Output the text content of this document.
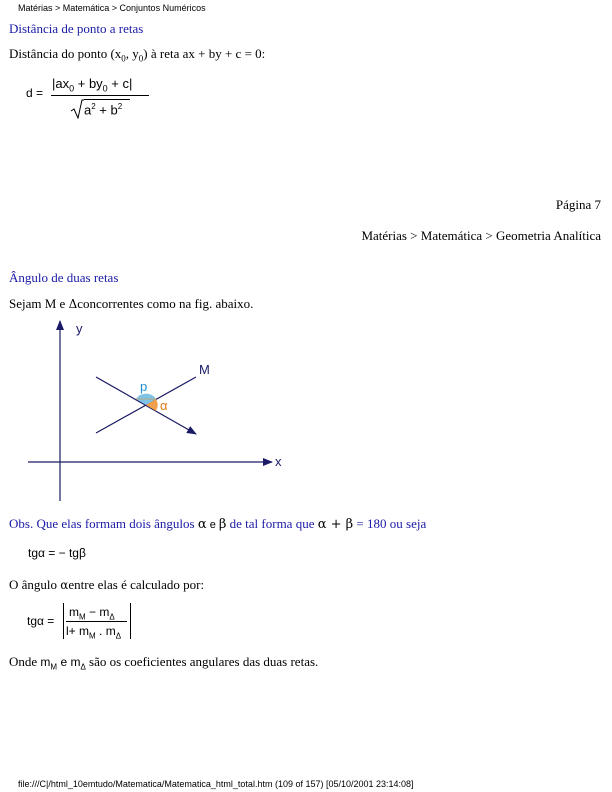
Matérias > Matemática > Conjuntos Numéricos
Distância de ponto a retas
Distância do ponto ($x_0$, $y_0$) à reta ax + by + c = 0:
d =
$|ax_0 + by_0 + c|$
$a^2 + b^2$
Página 7
Matérias > Matemática > Geometria Analítica
Ângulo de duas retas
Sejam M e Δconcorrentes como na fig. abaixo.
y
x
p
M
α
Obs. Que elas formam dois ângulos α e β de tal forma que α + β = 180 ou seja
tgα = − tgβ
O ângulo αentre elas é calculado por:
tgα =
$m_M - m_\Delta$
$l+ m_M$ . $m_\Delta$
Onde $m_M$ e $m_\Delta$ são os coeficientes angulares das duas retas.
file:///C|/html_10emtudo/Matematica/Matematica_html_total.htm (109 of 157) [05/10/2001 23:14:08]
